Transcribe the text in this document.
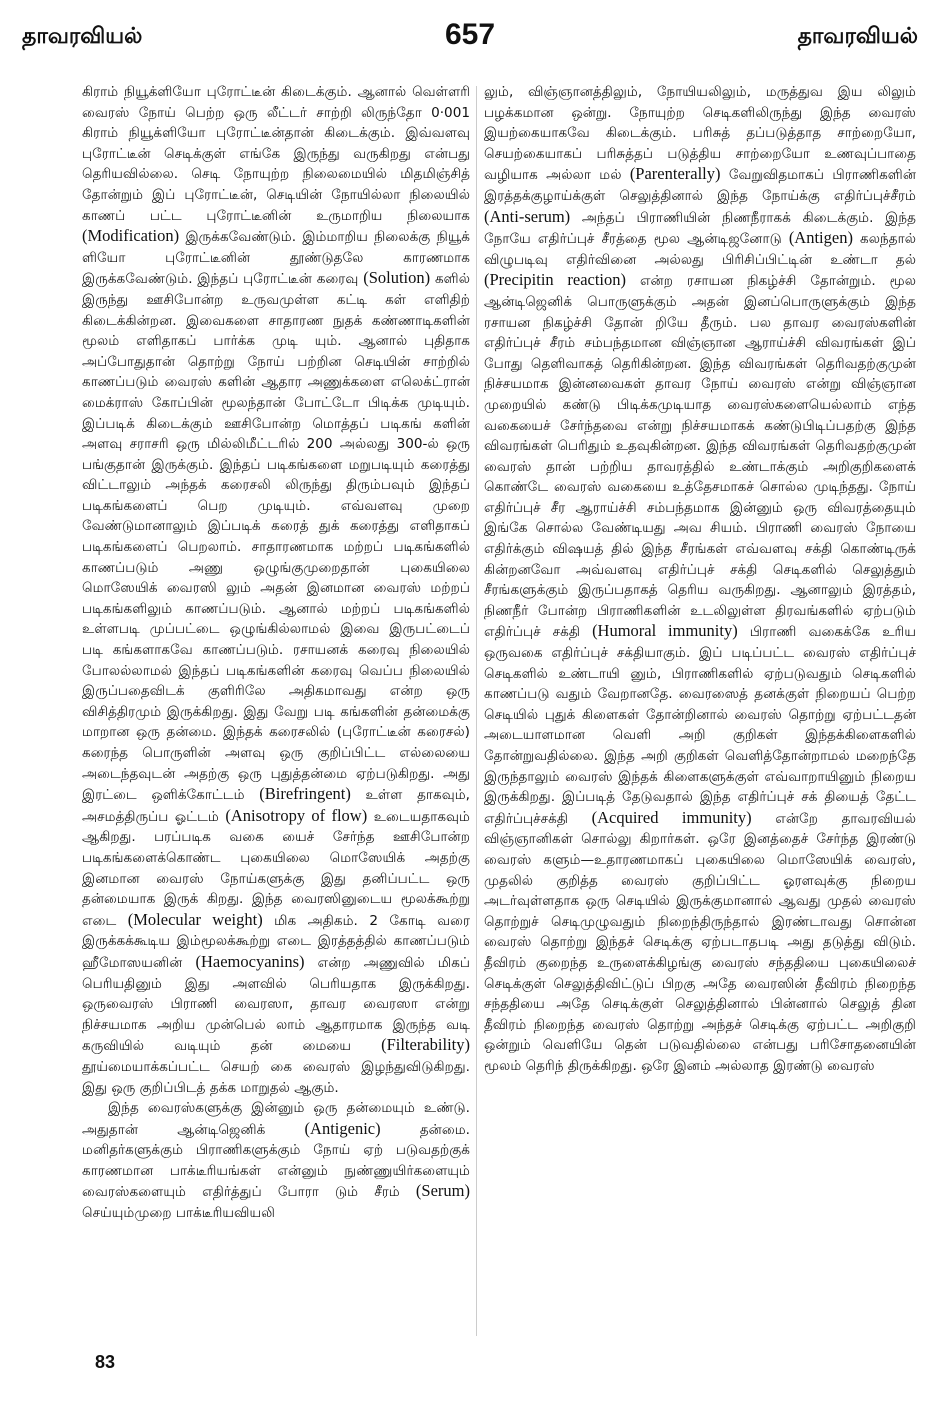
தாவரவியல்	657	தாவரவியல்

கிராம் நியூக்ளியோ புரோட்டீன் கிடைக்கும். ஆனால் வெள்ளரி வைரஸ் நோய் பெற்ற ஒரு லீட்டர் சாற்றி லிருந்தோ 0·001 கிராம் நியூக்ளியோ புரோட்டீன்தான் கிடைக்கும். இவ்வளவு புரோட்டீன் செடிக்குள் எங்கே இருந்து வருகிறது என்பது தெரியவில்லை. செடி நோயுற்ற நிலைமையில் மிதமிஞ்சித் தோன்றும் இப் புரோட்டீன், செடியின் நோயில்லா நிலையில் காணப் பட்ட புரோட்டீனின் உருமாறிய நிலையாக (Modification) இருக்கவேண்டும். இம்மாறிய நிலைக்கு நியூக் ளியோ புரோட்டீனின் தூண்டுதலே காரணமாக இருக்கவேண்டும். இந்தப் புரோட்டீன் கரைவு (Solution) களில் இருந்து ஊசிபோன்ற உருவமுள்ள கட்டி கள் எளிதிற் கிடைக்கின்றன. இவைகளை சாதாரண நுதக் கண்ணாடிகளின் மூலம் எளிதாகப் பார்க்க முடி யும். ஆனால் புதிதாக அப்போதுதான் தொற்று நோய் பற்றின செடியின் சாற்றில் காணப்படும் வைரஸ் களின் ஆதார அணுக்களை எலெக்ட்ரான் மைக்ராஸ் கோப்பின் மூலந்தான் போட்டோ பிடிக்க முடியும். இப்படிக் கிடைக்கும் ஊசிபோன்ற மொத்தப் படிகங் களின் அளவு சராசரி ஒரு மில்லிமீட்டரில் 200 அல்லது 300-ல் ஒரு பங்குதான் இருக்கும். இந்தப் படிகங்களை மறுபடியும் கரைத்து விட்டாலும் அந்தக் கரைசலி லிருந்து திரும்பவும் இந்தப் படிகங்களைப் பெற முடியும். எவ்வளவு முறை வேண்டுமானாலும் இப்படிக் கரைத் துக் கரைத்து எளிதாகப் படிகங்களைப் பெறலாம். சாதாரணமாக மற்றப் படிகங்களில் காணப்படும் அணு ஒழுங்குமுறைதான் புகையிலை மொஸேயிக் வைரஸி லும் அதன் இனமான வைரஸ் மற்றப் படிகங்களிலும் காணப்படும். ஆனால் மற்றப் படிகங்களில் உள்ளபடி முப்பட்டை ஒழுங்கில்லாமல் இவை இருபட்டைப் படி கங்களாகவே காணப்படும். ரசாயனக் கரைவு நிலையில் போலல்லாமல் இந்தப் படிகங்களின் கரைவு வெப்ப நிலையில் இருப்பதைவிடக் குளிரிலே அதிகமாவது என்ற ஒரு விசித்திரமும் இருக்கிறது. இது வேறு படி கங்களின் தன்மைக்கு மாறான ஒரு தன்மை. இந்தக் கரைசலில் (புரோட்டீன் கரைசல்) கரைந்த பொருளின் அளவு ஒரு குறிப்பிட்ட எல்லையை அடைந்தவுடன் அதற்கு ஒரு புதுத்தன்மை ஏற்படுகிறது. அது இரட்டை ஒளிக்கோட்டம் (Birefringent) உள்ள தாகவும், அசமத்திருப்ப ஓட்டம் (Anisotropy of flow) உடையதாகவும் ஆகிறது. பரப்படிக வகை யைச் சேர்ந்த ஊசிபோன்ற படிகங்களைக்கொண்ட புகையிலை மொஸேயிக் அதற்கு இனமான வைரஸ் நோய்களுக்கு இது தனிப்பட்ட ஒரு தன்மையாக இருக் கிறது. இந்த வைரஸினுடைய மூலக்கூற்று எடை (Molecular weight) மிக அதிகம். 2 கோடி வரை இருக்கக்கூடிய இம்மூலக்கூற்று எடை இரத்தத்தில் காணப்படும் ஹீமோஸயனின் (Haemocyanins) என்ற அணுவில் மிகப் பெரியதினும் இது அளவில் பெரியதாக இருக்கிறது. ஒருவைரஸ் பிராணி வைரஸா, தாவர வைரஸா என்று நிச்சயமாக அறிய முன்பெல் லாம் ஆதாரமாக இருந்த வடி கருவியில் வடியும் தன் மையை (Filterability) தூய்மையாக்கப்பட்ட செயற் கை வைரஸ் இழந்துவிடுகிறது. இது ஒரு குறிப்பிடத் தக்க மாறுதல் ஆகும்.

இந்த வைரஸ்களுக்கு இன்னும் ஒரு தன்மையும் உண்டு. அதுதான் ஆன்டிஜெனிக் (Antigenic)	தன்மை. மனிதர்களுக்கும் பிராணிகளுக்கும் நோய் ஏற் படுவதற்குக் காரணமான பாக்டீரியங்கள் என்னும் நுண்ணுயிர்களையும் வைரஸ்களையும் எதிர்த்துப் போரா டும் சீரம் (Serum) செய்யும்முறை பாக்டீரியவியலி

லும், விஞ்ஞானத்திலும், நோயியலிலும், மருத்துவ இய லிலும் பழக்கமான ஒன்று. நோயுற்ற செடிகளிலிருந்து இந்த வைரஸ் இயற்கையாகவே கிடைக்கும். பரிசுத் தப்படுத்தாத சாற்றையோ, செயற்கையாகப் பரிசுத்தப் படுத்திய சாற்றையோ உணவுப்பாதை வழியாக அல்லா மல் (Parenterally) வேறுவிதமாகப் பிராணிகளின் இரத்தக்குழாய்க்குள் செலுத்தினால் இந்த நோய்க்கு எதிர்ப்புச்சீரம் (Anti-serum) அந்தப் பிராணியின் நிணநீராகக் கிடைக்கும். இந்த நோயே எதிர்ப்புச் சீரத்தை மூல ஆன்டிஜனோடு (Antigen) கலந்தால் விழுபடிவு எதிர்வினை அல்லது பிரிசிப்பிட்டின் உண்டா தல் (Precipitin reaction) என்ற ரசாயன நிகழ்ச்சி தோன்றும். மூல ஆன்டிஜெனிக் பொருளுக்கும் அதன் இனப்பொருளுக்கும் இந்த ரசாயன நிகழ்ச்சி தோன் றியே தீரும். பல தாவர வைரஸ்களின் எதிர்ப்புச் சீரம் சம்பந்தமான விஞ்ஞான ஆராய்ச்சி விவரங்கள் இப் போது தெளிவாகத் தெரிகின்றன. இந்த விவரங்கள் தெரிவதற்குமுன் நிச்சயமாக இன்னவைகள் தாவர நோய் வைரஸ் என்று விஞ்ஞான முறையில் கண்டு பிடிக்கமுடியாத வைரஸ்களையெல்லாம் எந்த வகையைச் சேர்ந்தவை என்று நிச்சயமாகக் கண்டுபிடிப்பதற்கு இந்த விவரங்கள் பெரிதும் உதவுகின்றன. இந்த விவரங்கள் தெரிவதற்குமுன் வைரஸ் தான் பற்றிய தாவரத்தில் உண்டாக்கும் அறிகுறிகளைக் கொண்டே வைரஸ் வகையை உத்தேசமாகச் சொல்ல முடிந்தது. நோய் எதிர்ப்புச் சீர ஆராய்ச்சி சம்பந்தமாக இன்னும் ஒரு விவரத்தையும் இங்கே சொல்ல வேண்டியது அவ சியம். பிராணி வைரஸ் நோயை எதிர்க்கும் விஷயத் தில் இந்த சீரங்கள் எவ்வளவு சக்தி கொண்டிருக் கின்றனவோ அவ்வளவு எதிர்ப்புச் சக்தி செடிகளில் செலுத்தும் சீரங்களுக்கும் இருப்பதாகத் தெரிய வருகிறது. ஆனாலும் இரத்தம், நிணநீர் போன்ற பிராணிகளின் உடலிலுள்ள திரவங்களில் ஏற்படும் எதிர்ப்புச் சக்தி (Humoral immunity) பிராணி வகைக்கே உரிய ஒருவகை எதிர்ப்புச் சக்தியாகும். இப் படிப்பட்ட வைரஸ் எதிர்ப்புச் செடிகளில் உண்டாயி னும், பிராணிகளில் ஏற்படுவதும் செடிகளில் காணப்படு வதும் வேறானதே. வைரஸைத் தனக்குள் நிறையப் பெற்ற செடியில் புதுக் கிளைகள் தோன்றினால் வைரஸ் தொற்று ஏற்பட்டதன் அடையாளமான வெளி அறி குறிகள் இந்தக்கிளைகளில் தோன்றுவதில்லை. இந்த அறி குறிகள் வெளித்தோன்றாமல் மறைந்தே இருந்தாலும் வைரஸ் இந்தக் கிளைகளுக்குள் எவ்வாறாயினும் நிறைய இருக்கிறது. இப்படித் தேடுவதால் இந்த எதிர்ப்புச் சக் தியைத் தேட்ட எதிர்ப்புச்சக்தி (Acquired immunity) என்றே தாவரவியல் விஞ்ஞானிகள் சொல்லு கிறார்கள். ஒரே இனத்தைச் சேர்ந்த இரண்டு வைரஸ் களும்—உதாரணமாகப் புகையிலை மொஸேயிக் வைரஸ், முதலில் குறித்த வைரஸ் குறிப்பிட்ட ஓரளவுக்கு நிறைய அடர்வுள்ளதாக ஒரு செடியில் இருக்குமானால் ஆவது முதல் வைரஸ் தொற்றுச் செடிமுழுவதும் நிறைந்திருந்தால் இரண்டாவது சொன்ன வைரஸ் தொற்று இந்தச் செடிக்கு ஏற்படாதபடி அது தடுத்து விடும். தீவிரம் குறைந்த உருளைக்கிழங்கு வைரஸ் சந்ததியை புகையிலைச் செடிக்குள் செலுத்திவிட்டுப் பிறகு அதே வைரஸின் தீவிரம் நிறைந்த சந்ததியை அதே செடிக்குள் செலுத்தினால் பின்னால் செலுத் தின தீவிரம் நிறைந்த வைரஸ் தொற்று அந்தச் செடிக்கு ஏற்பட்ட அறிகுறி ஒன்றும் வெளியே தென் படுவதில்லை என்பது பரிசோதனையின் மூலம் தெரிந் திருக்கிறது. ஒரே இனம் அல்லாத இரண்டு வைரஸ்

83
